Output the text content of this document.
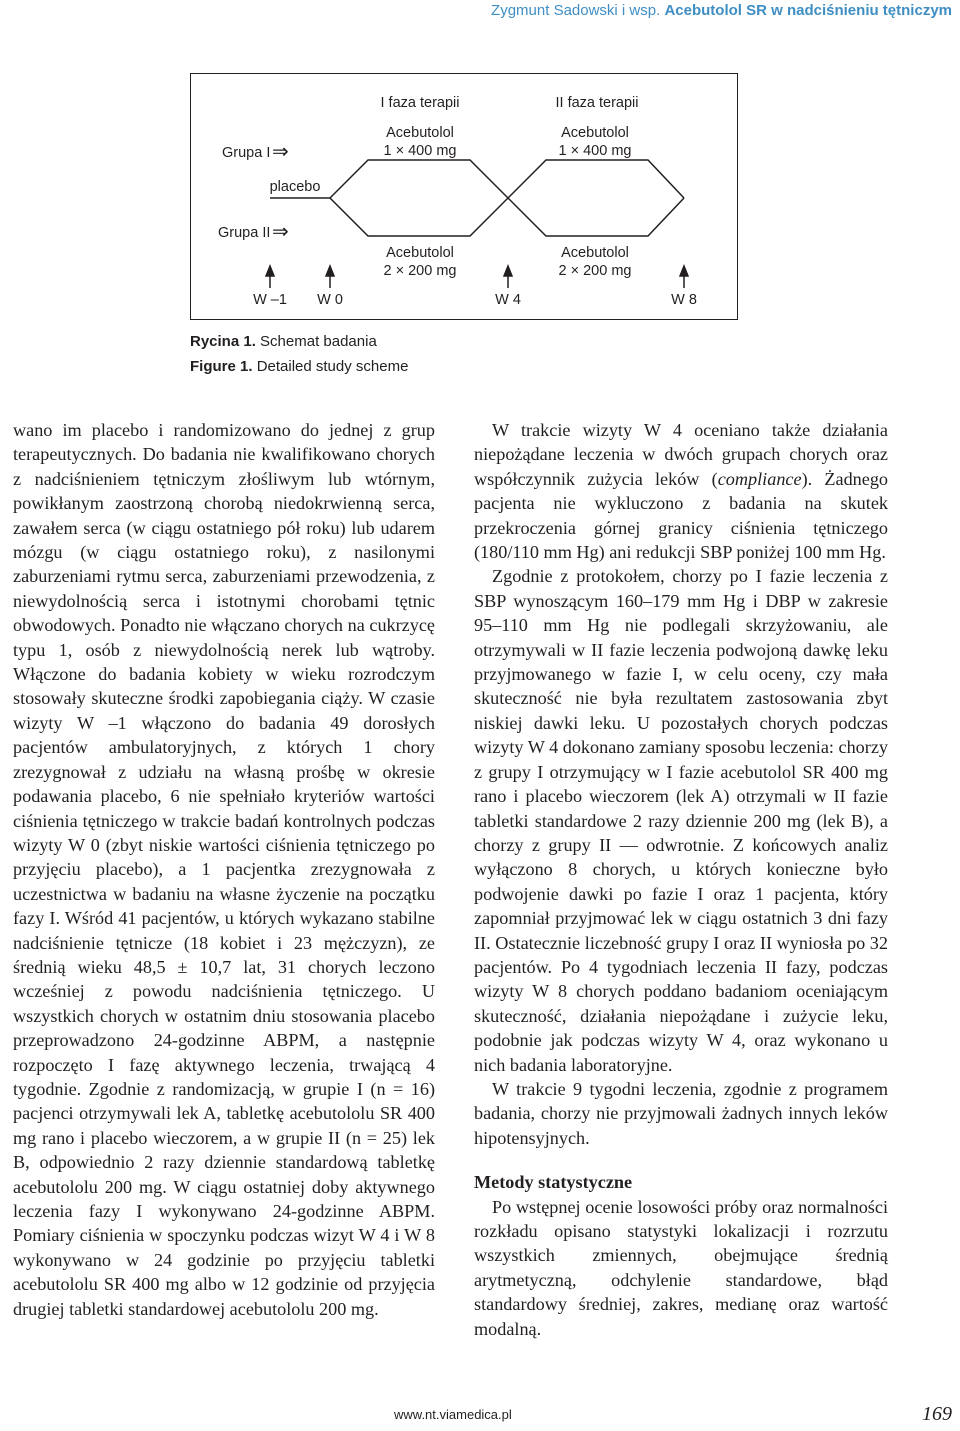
Zygmunt Sadowski i wsp. Acebutolol SR w nadciśnieniu tętniczym
I faza terapii	II faza terapii
Grupa I ⇒
Acebutolol
1 × 400 mg
Acebutolol
1 × 400 mg
placebo
Grupa II ⇒
Acebutolol
2 × 200 mg
Acebutolol
2 × 200 mg
W –1 W 0	W 4	W 8
Rycina 1. Schemat badania
Figure 1. Detailed study scheme

wano im placebo i randomizowano do jednej z grup terapeutycznych. Do badania nie kwalifikowano chorych z nadciśnieniem tętniczym złośliwym lub wtórnym, powikłanym zaostrzoną chorobą niedokrwienną serca, zawałem serca (w ciągu ostatniego pół roku) lub udarem mózgu (w ciągu ostatniego roku), z nasilonymi zaburzeniami rytmu serca, zaburzeniami przewodzenia, z niewydolnością serca i istotnymi chorobami tętnic obwodowych. Ponadto nie włączano chorych na cukrzycę typu 1, osób z niewydolnością nerek lub wątroby. Włączone do badania kobiety w wieku rozrodczym stosowały skuteczne środki zapobiegania ciąży. W czasie wizyty W –1 włączono do badania 49 dorosłych pacjentów ambulatoryjnych, z których 1 chory zrezygnował z udziału na własną prośbę w okresie podawania placebo, 6 nie spełniało kryteriów wartości ciśnienia tętniczego w trakcie badań kontrolnych podczas wizyty W 0 (zbyt niskie wartości ciśnienia tętniczego po przyjęciu placebo), a 1 pacjentka zrezygnowała z uczestnictwa w badaniu na własne życzenie na początku fazy I. Wśród 41 pacjentów, u których wykazano stabilne nadciśnienie tętnicze (18 kobiet i 23 mężczyzn), ze średnią wieku 48,5 ± 10,7 lat, 31 chorych leczono wcześniej z powodu nadciśnienia tętniczego. U wszystkich chorych w ostatnim dniu stosowania placebo przeprowadzono 24-godzinne ABPM, a następnie rozpoczęto I fazę aktywnego leczenia, trwającą 4 tygodnie. Zgodnie z randomizacją, w grupie I (n = 16) pacjenci otrzymywali lek A, tabletkę acebutololu SR 400 mg rano i placebo wieczorem, a w grupie II (n = 25) lek B, odpowiednio 2 razy dziennie standardową tabletkę acebutololu 200 mg. W ciągu ostatniej doby aktywnego leczenia fazy I wykonywano 24-godzinne ABPM. Pomiary ciśnienia w spoczynku podczas wizyt W 4 i W 8 wykonywano w 24 godzinie po przyjęciu tabletki acebutololu SR 400 mg albo w 12 godzinie od przyjęcia drugiej tabletki standardowej acebutololu 200 mg.

W trakcie wizyty W 4 oceniano także działania niepożądane leczenia w dwóch grupach chorych oraz współczynnik zużycia leków (compliance). Żadnego pacjenta nie wykluczono z badania na skutek przekroczenia górnej granicy ciśnienia tętniczego (180/110 mm Hg) ani redukcji SBP poniżej 100 mm Hg.

Zgodnie z protokołem, chorzy po I fazie leczenia z SBP wynoszącym 160–179 mm Hg i DBP w zakresie 95–110 mm Hg nie podlegali skrzyżowaniu, ale otrzymywali w II fazie leczenia podwojoną dawkę leku przyjmowanego w fazie I, w celu oceny, czy mała skuteczność nie była rezultatem zastosowania zbyt niskiej dawki leku. U pozostałych chorych podczas wizyty W 4 dokonano zamiany sposobu leczenia: chorzy z grupy I otrzymujący w I fazie acebutolol SR 400 mg rano i placebo wieczorem (lek A) otrzymali w II fazie tabletki standardowe 2 razy dziennie 200 mg (lek B), a chorzy z grupy II — odwrotnie. Z końcowych analiz wyłączono 8 chorych, u których konieczne było podwojenie dawki po fazie I oraz 1 pacjenta, który zapomniał przyjmować lek w ciągu ostatnich 3 dni fazy II. Ostatecznie liczebność grupy I oraz II wyniosła po 32 pacjentów. Po 4 tygodniach leczenia II fazy, podczas wizyty W 8 chorych poddano badaniom oceniającym skuteczność, działania niepożądane i zużycie leku, podobnie jak podczas wizyty W 4, oraz wykonano u nich badania laboratoryjne.

W trakcie 9 tygodni leczenia, zgodnie z programem badania, chorzy nie przyjmowali żadnych innych leków hipotensyjnych.

Metody statystyczne

Po wstępnej ocenie losowości próby oraz normalności rozkładu opisano statystyki lokalizacji i rozrzutu wszystkich zmiennych, obejmujące średnią arytmetyczną, odchylenie standardowe, błąd standardowy średniej, zakres, medianę oraz wartość modalną.

www.nt.viamedica.pl	169
